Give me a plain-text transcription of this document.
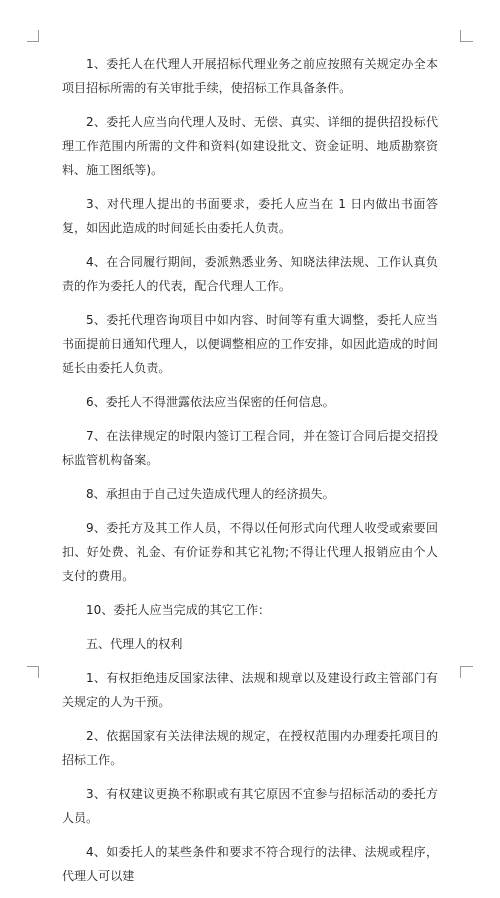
1、委托人在代理人开展招标代理业务之前应按照有关规定办全本项目招标所需的有关审批手续，使招标工作具备条件。

2、委托人应当向代理人及时、无偿、真实、详细的提供招投标代理工作范围内所需的文件和资料(如建设批文、资金证明、地质勘察资料、施工图纸等)。

3、对代理人提出的书面要求，委托人应当在 1 日内做出书面答复，如因此造成的时间延长由委托人负责。

4、在合同履行期间，委派熟悉业务、知晓法律法规、工作认真负责的作为委托人的代表，配合代理人工作。

5、委托代理咨询项目中如内容、时间等有重大调整，委托人应当书面提前日通知代理人，以便调整相应的工作安排，如因此造成的时间延长由委托人负责。

6、委托人不得泄露依法应当保密的任何信息。

7、在法律规定的时限内签订工程合同，并在签订合同后提交招投标监管机构备案。

8、承担由于自己过失造成代理人的经济损失。

9、委托方及其工作人员，不得以任何形式向代理人收受或索要回扣、好处费、礼金、有价证券和其它礼物;不得让代理人报销应由个人支付的费用。

10、委托人应当完成的其它工作：

五、代理人的权利

1、有权拒绝违反国家法律、法规和规章以及建设行政主管部门有关规定的人为干预。

2、依据国家有关法律法规的规定，在授权范围内办理委托项目的招标工作。

3、有权建议更换不称职或有其它原因不宜参与招标活动的委托方人员。

4、如委托人的某些条件和要求不符合现行的法律、法规或程序，代理人可以建
